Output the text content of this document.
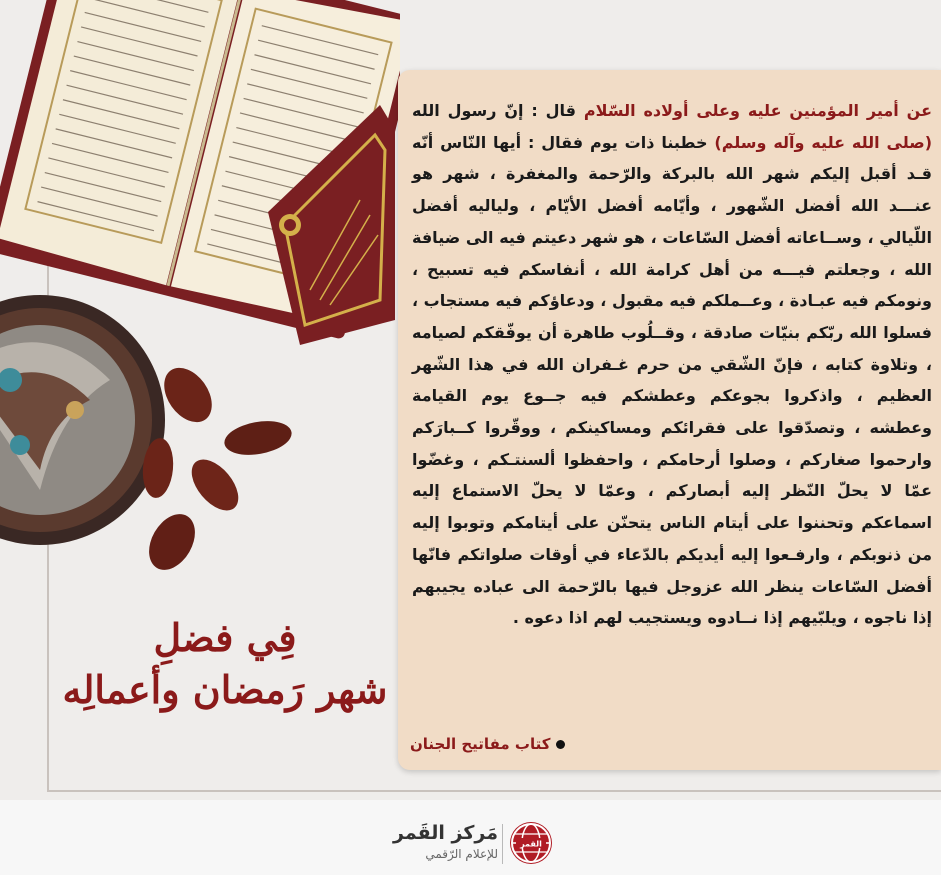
عن أمير المؤمنين عليه وعلى أولاده السّلام قال : إنّ رسول الله (صلى الله عليه وآله وسلم) خطبنا ذات يوم فقال : أيها النّاس أنّه قـد أقبل إليكم شهر الله بالبركة والرّحمة والمغفرة ، شهر هو عنـــد الله أفضل الشّهور ، وأيّامه أفضل الأيّام ، ولياليه أفضل اللّيالي ، وســاعاته أفضل السّاعات ، هو شهر دعيتم فيه الى ضيافة الله ، وجعلتم فيـــه من أهل كرامة الله ، أنفاسكم فيه تسبيح ، ونومكم فيه عبـادة ، وعــملكم فيه مقبول ، ودعاؤكم فيه مستجاب ، فسلوا الله ربّكم بنيّات صادقة ، وقــلُوب طاهرة أن يوفّقكم لصيامه ، وتلاوة كتابه ، فإنّ الشّقي من حرم غـفران الله في هذا الشّهر العظيم ، واذكروا بجوعكم وعطشكم فيه جــوع يوم القيامة وعطشه ، وتصدّقوا على فقرائكم ومساكينكم ، ووقّروا كــبارَكم وارحموا صغاركم ، وصلوا أرحامكم ، واحفظوا ألسنتـكم ، وغضّوا عمّا لا يحلّ النّظر إليه أبصاركم ، وعمّا لا يحلّ الاستماع إليه اسماعكم وتحننوا على أيتام الناس يتحنّن على أيتامكم وتوبوا إليه من ذنوبكم ، وارفـعوا إليه أيديكم بالدّعاء في أوقات صلواتكم فانّها أفضل السّاعات ينظر الله عزوجل فيها بالرّحمة الى عباده يجيبهم إذا ناجوه ، ويلبّيهم إذا نــادوه ويستجيب لهم اذا دعوه .
كتاب مفاتيح الجنان
فِي فضلِ
شهر رَمضان وأعمالِه
القمر
مَركز القَمر
للإعلام الرّقمي
